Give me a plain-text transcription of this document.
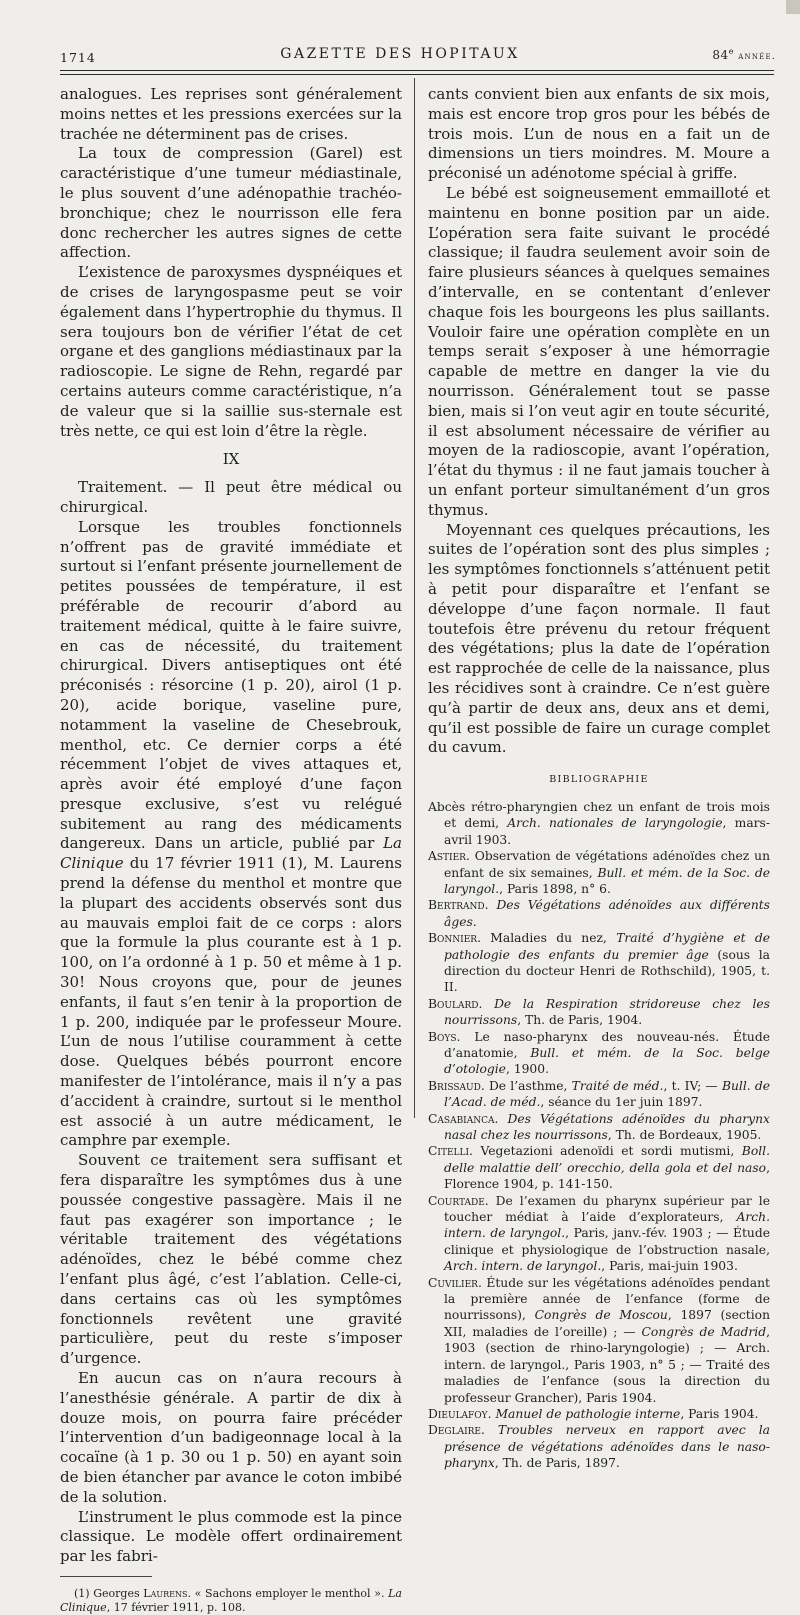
1714	GAZETTE DES HOPITAUX	84e année.

analogues. Les reprises sont généralement moins nettes et les pressions exercées sur la trachée ne déterminent pas de crises.

La toux de compression (Garel) est caractéristique d’une tumeur médiastinale, le plus souvent d’une adénopathie trachéo-bronchique; chez le nourrisson elle fera donc rechercher les autres signes de cette affection.

L’existence de paroxysmes dyspnéiques et de crises de laryngospasme peut se voir également dans l’hypertrophie du thymus. Il sera toujours bon de vérifier l’état de cet organe et des ganglions médiastinaux par la radioscopie. Le signe de Rehn, regardé par certains auteurs comme caractéristique, n’a de valeur que si la saillie sus-sternale est très nette, ce qui est loin d’être la règle.

IX

Traitement. — Il peut être médical ou chirurgical.

Lorsque les troubles fonctionnels n’offrent pas de gravité immédiate et surtout si l’enfant présente journellement de petites poussées de température, il est préférable de recourir d’abord au traitement médical, quitte à le faire suivre, en cas de nécessité, du traitement chirurgical. Divers antiseptiques ont été préconisés : résorcine (1 p. 20), airol (1 p. 20), acide borique, vaseline pure, notamment la vaseline de Chesebrouk, menthol, etc. Ce dernier corps a été récemment l’objet de vives attaques et, après avoir été employé d’une façon presque exclusive, s’est vu relégué subitement au rang des médicaments dangereux. Dans un article, publié par La Clinique du 17 février 1911 (1), M. Laurens prend la défense du menthol et montre que la plupart des accidents observés sont dus au mauvais emploi fait de ce corps : alors que la formule la plus courante est à 1 p. 100, on l’a ordonné à 1 p. 50 et même à 1 p. 30! Nous croyons que, pour de jeunes enfants, il faut s’en tenir à la proportion de 1 p. 200, indiquée par le professeur Moure. L’un de nous l’utilise couramment à cette dose. Quelques bébés pourront encore manifester de l’intolérance, mais il n’y a pas d’accident à craindre, surtout si le menthol est associé à un autre médicament, le camphre par exemple.

Souvent ce traitement sera suffisant et fera disparaître les symptômes dus à une poussée congestive passagère. Mais il ne faut pas exagérer son importance ; le véritable traitement des végétations adénoïdes, chez le bébé comme chez l’enfant plus âgé, c’est l’ablation. Celle-ci, dans certains cas où les symptômes fonctionnels revêtent une gravité particulière, peut du reste s’imposer d’urgence.

En aucun cas on n’aura recours à l’anesthésie générale. A partir de dix à douze mois, on pourra faire précéder l’intervention d’un badigeonnage local à la cocaïne (à 1 p. 30 ou 1 p. 50) en ayant soin de bien étancher par avance le coton imbibé de la solution.

L’instrument le plus commode est la pince classique. Le modèle offert ordinairement par les fabri-

(1) Georges Laurens. « Sachons employer le menthol ». La Clinique, 17 février 1911, p. 108.

cants convient bien aux enfants de six mois, mais est encore trop gros pour les bébés de trois mois. L’un de nous en a fait un de dimensions un tiers moindres. M. Moure a préconisé un adénotome spécial à griffe.

Le bébé est soigneusement emmailloté et maintenu en bonne position par un aide. L’opération sera faite suivant le procédé classique; il faudra seulement avoir soin de faire plusieurs séances à quelques semaines d’intervalle, en se contentant d’enlever chaque fois les bourgeons les plus saillants. Vouloir faire une opération complète en un temps serait s’exposer à une hémorragie capable de mettre en danger la vie du nourrisson. Généralement tout se passe bien, mais si l’on veut agir en toute sécurité, il est absolument nécessaire de vérifier au moyen de la radioscopie, avant l’opération, l’état du thymus : il ne faut jamais toucher à un enfant porteur simultanément d’un gros thymus.

Moyennant ces quelques précautions, les suites de l’opération sont des plus simples ; les symptômes fonctionnels s’atténuent petit à petit pour disparaître et l’enfant se développe d’une façon normale. Il faut toutefois être prévenu du retour fréquent des végétations; plus la date de l’opération est rapprochée de celle de la naissance, plus les récidives sont à craindre. Ce n’est guère qu’à partir de deux ans, deux ans et demi, qu’il est possible de faire un curage complet du cavum.

BIBLIOGRAPHIE

Abcès rétro-pharyngien chez un enfant de trois mois et demi, Arch. nationales de laryngologie, mars-avril 1903.

Astier. Observation de végétations adénoïdes chez un enfant de six semaines, Bull. et mém. de la Soc. de laryngol., Paris 1898, n° 6.

Bertrand. Des Végétations adénoïdes aux différents âges.

Bonnier. Maladies du nez, Traité d’hygiène et de pathologie des enfants du premier âge (sous la direction du docteur Henri de Rothschild), 1905, t. II.

Boulard. De la Respiration stridoreuse chez les nourrissons, Th. de Paris, 1904.

Boys. Le naso-pharynx des nouveau-nés. Étude d’anatomie, Bull. et mém. de la Soc. belge d’otologie, 1900.

Brissaud. De l’asthme, Traité de méd., t. IV; — Bull. de l’Acad. de méd., séance du 1er juin 1897.

Casabianca. Des Végétations adénoïdes du pharynx nasal chez les nourrissons, Th. de Bordeaux, 1905.

Citelli. Vegetazioni adenoïdi et sordi mutismi, Boll. delle malattie dell’ orecchio, della gola et del naso, Florence 1904, p. 141-150.

Courtade. De l’examen du pharynx supérieur par le toucher médiat à l’aide d’explorateurs, Arch. intern. de laryngol., Paris, janv.-fév. 1903 ; — Étude clinique et physiologique de l’obstruction nasale, Arch. intern. de laryngol., Paris, mai-juin 1903.

Cuvilier. Étude sur les végétations adénoïdes pendant la première année de l’enfance (forme de nourrissons), Congrès de Moscou, 1897 (section XII, maladies de l’oreille) ; — Congrès de Madrid, 1903 (section de rhino-laryngologie) ; — Arch. intern. de laryngol., Paris 1903, n° 5 ; — Traité des maladies de l’enfance (sous la direction du professeur Grancher), Paris 1904.

Dieulafoy. Manuel de pathologie interne, Paris 1904.

Deglaire. Troubles nerveux en rapport avec la présence de végétations adénoïdes dans le naso-pharynx, Th. de Paris, 1897.
